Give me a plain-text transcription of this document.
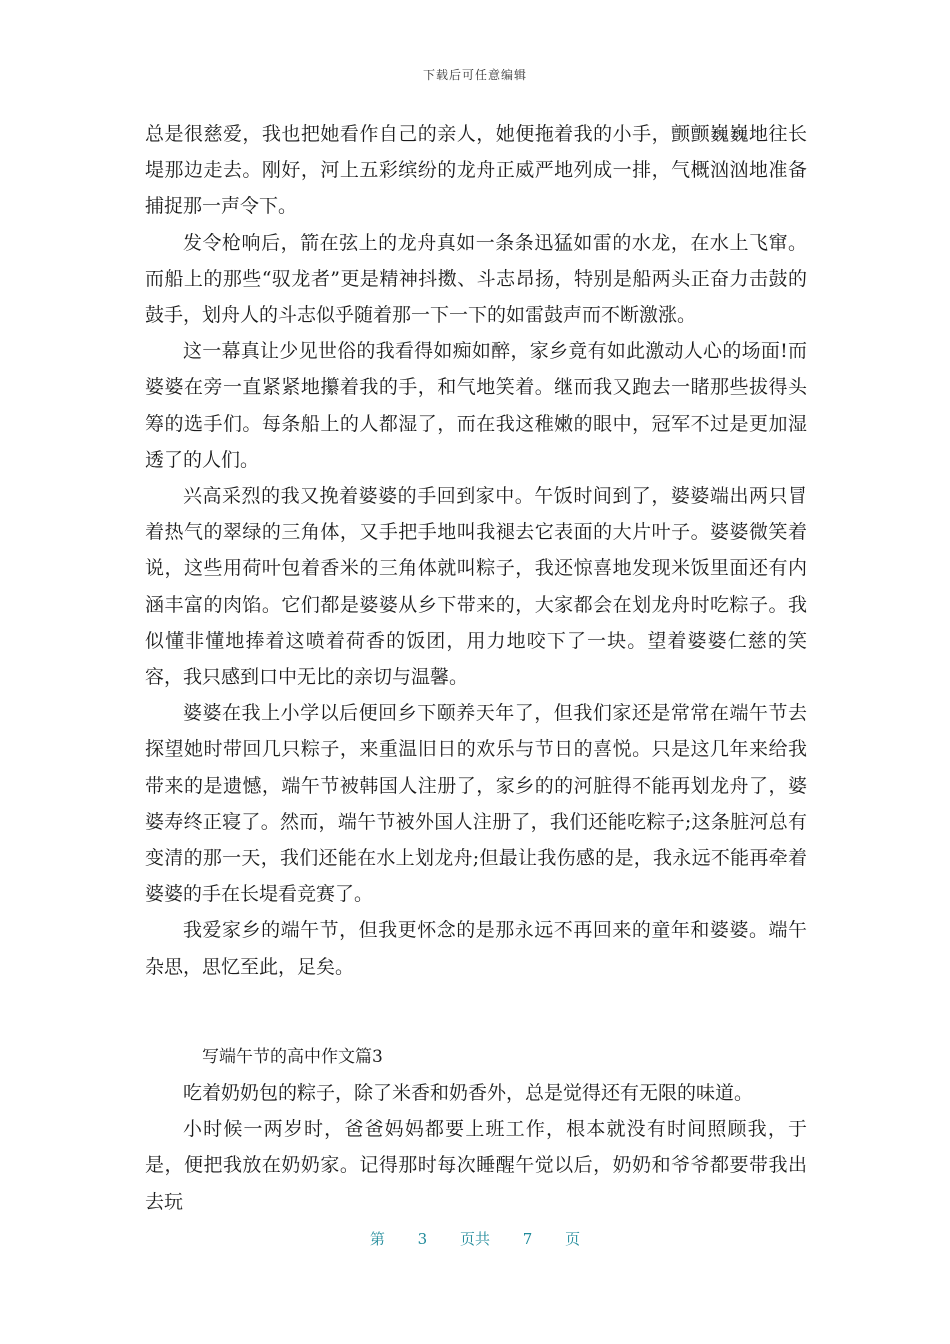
下载后可任意编辑

总是很慈爱，我也把她看作自己的亲人，她便拖着我的小手，颤颤巍巍地往长堤那边走去。刚好，河上五彩缤纷的龙舟正威严地列成一排，气概汹汹地准备捕捉那一声令下。

发令枪响后，箭在弦上的龙舟真如一条条迅猛如雷的水龙，在水上飞窜。而船上的那些“驭龙者”更是精神抖擞、斗志昂扬，特别是船两头正奋力击鼓的鼓手，划舟人的斗志似乎随着那一下一下的如雷鼓声而不断激涨。

这一幕真让少见世俗的我看得如痴如醉，家乡竟有如此激动人心的场面!而婆婆在旁一直紧紧地攥着我的手，和气地笑着。继而我又跑去一睹那些拔得头筹的选手们。每条船上的人都湿了，而在我这稚嫩的眼中，冠军不过是更加湿透了的人们。

兴高采烈的我又挽着婆婆的手回到家中。午饭时间到了，婆婆端出两只冒着热气的翠绿的三角体，又手把手地叫我褪去它表面的大片叶子。婆婆微笑着说，这些用荷叶包着香米的三角体就叫粽子，我还惊喜地发现米饭里面还有内涵丰富的肉馅。它们都是婆婆从乡下带来的，大家都会在划龙舟时吃粽子。我似懂非懂地捧着这喷着荷香的饭团，用力地咬下了一块。望着婆婆仁慈的笑容，我只感到口中无比的亲切与温馨。

婆婆在我上小学以后便回乡下颐养天年了，但我们家还是常常在端午节去探望她时带回几只粽子，来重温旧日的欢乐与节日的喜悦。只是这几年来给我带来的是遗憾，端午节被韩国人注册了，家乡的的河脏得不能再划龙舟了，婆婆寿终正寝了。然而，端午节被外国人注册了，我们还能吃粽子;这条脏河总有变清的那一天，我们还能在水上划龙舟;但最让我伤感的是，我永远不能再牵着婆婆的手在长堤看竞赛了。

我爱家乡的端午节，但我更怀念的是那永远不再回来的童年和婆婆。端午杂思，思忆至此，足矣。

写端午节的高中作文篇3

吃着奶奶包的粽子，除了米香和奶香外，总是觉得还有无限的味道。

小时候一两岁时，爸爸妈妈都要上班工作，根本就没有时间照顾我，于是，便把我放在奶奶家。记得那时每次睡醒午觉以后，奶奶和爷爷都要带我出去玩

第 3 页共 7 页
